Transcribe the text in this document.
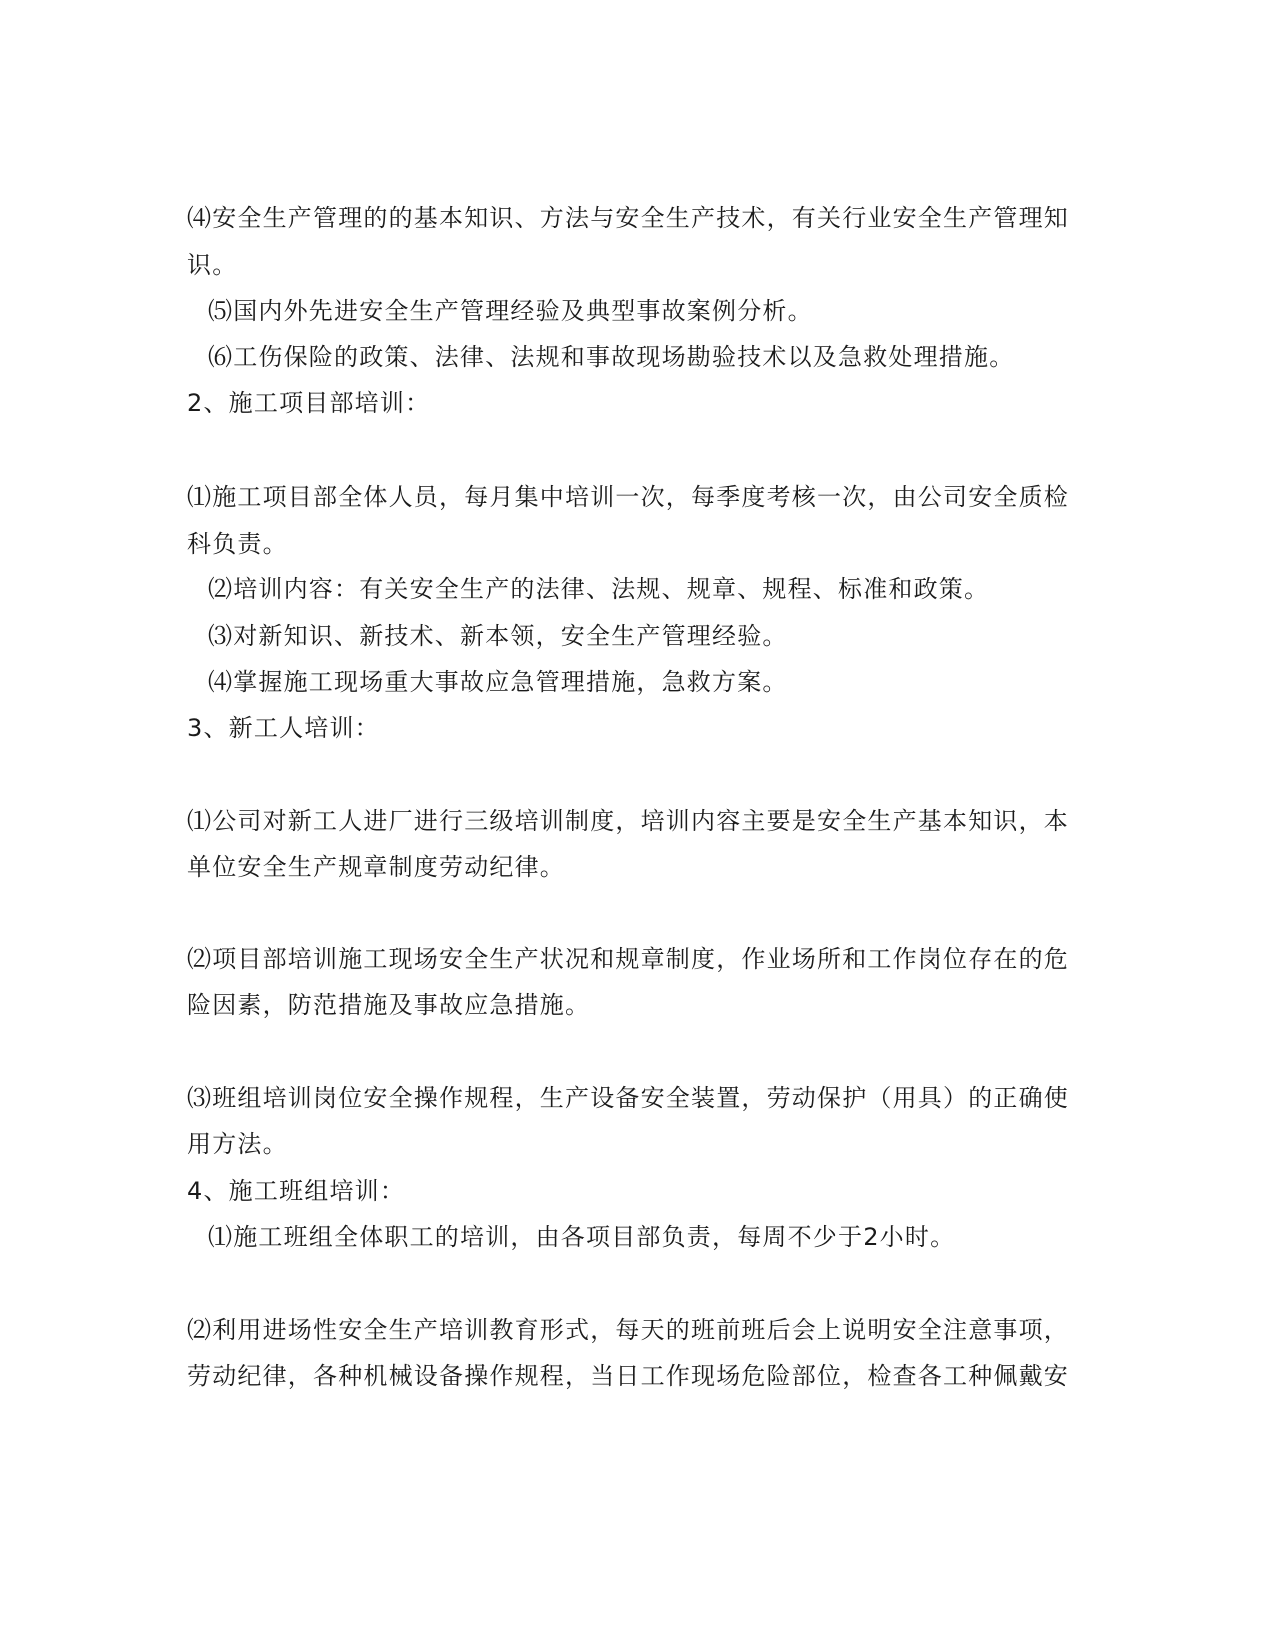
⑷安全生产管理的的基本知识、方法与安全生产技术，有关行业安全生产管理知
识。
⑸国内外先进安全生产管理经验及典型事故案例分析。
⑹工伤保险的政策、法律、法规和事故现场勘验技术以及急救处理措施。
2、施工项目部培训：
⑴施工项目部全体人员，每月集中培训一次，每季度考核一次，由公司安全质检
科负责。
⑵培训内容：有关安全生产的法律、法规、规章、规程、标准和政策。
⑶对新知识、新技术、新本领，安全生产管理经验。
⑷掌握施工现场重大事故应急管理措施，急救方案。
3、新工人培训：
⑴公司对新工人进厂进行三级培训制度，培训内容主要是安全生产基本知识，本
单位安全生产规章制度劳动纪律。
⑵项目部培训施工现场安全生产状况和规章制度，作业场所和工作岗位存在的危
险因素，防范措施及事故应急措施。
⑶班组培训岗位安全操作规程，生产设备安全装置，劳动保护（用具）的正确使
用方法。
4、施工班组培训：
⑴施工班组全体职工的培训，由各项目部负责，每周不少于2小时。
⑵利用进场性安全生产培训教育形式，每天的班前班后会上说明安全注意事项，
劳动纪律，各种机械设备操作规程，当日工作现场危险部位，检查各工种佩戴安
